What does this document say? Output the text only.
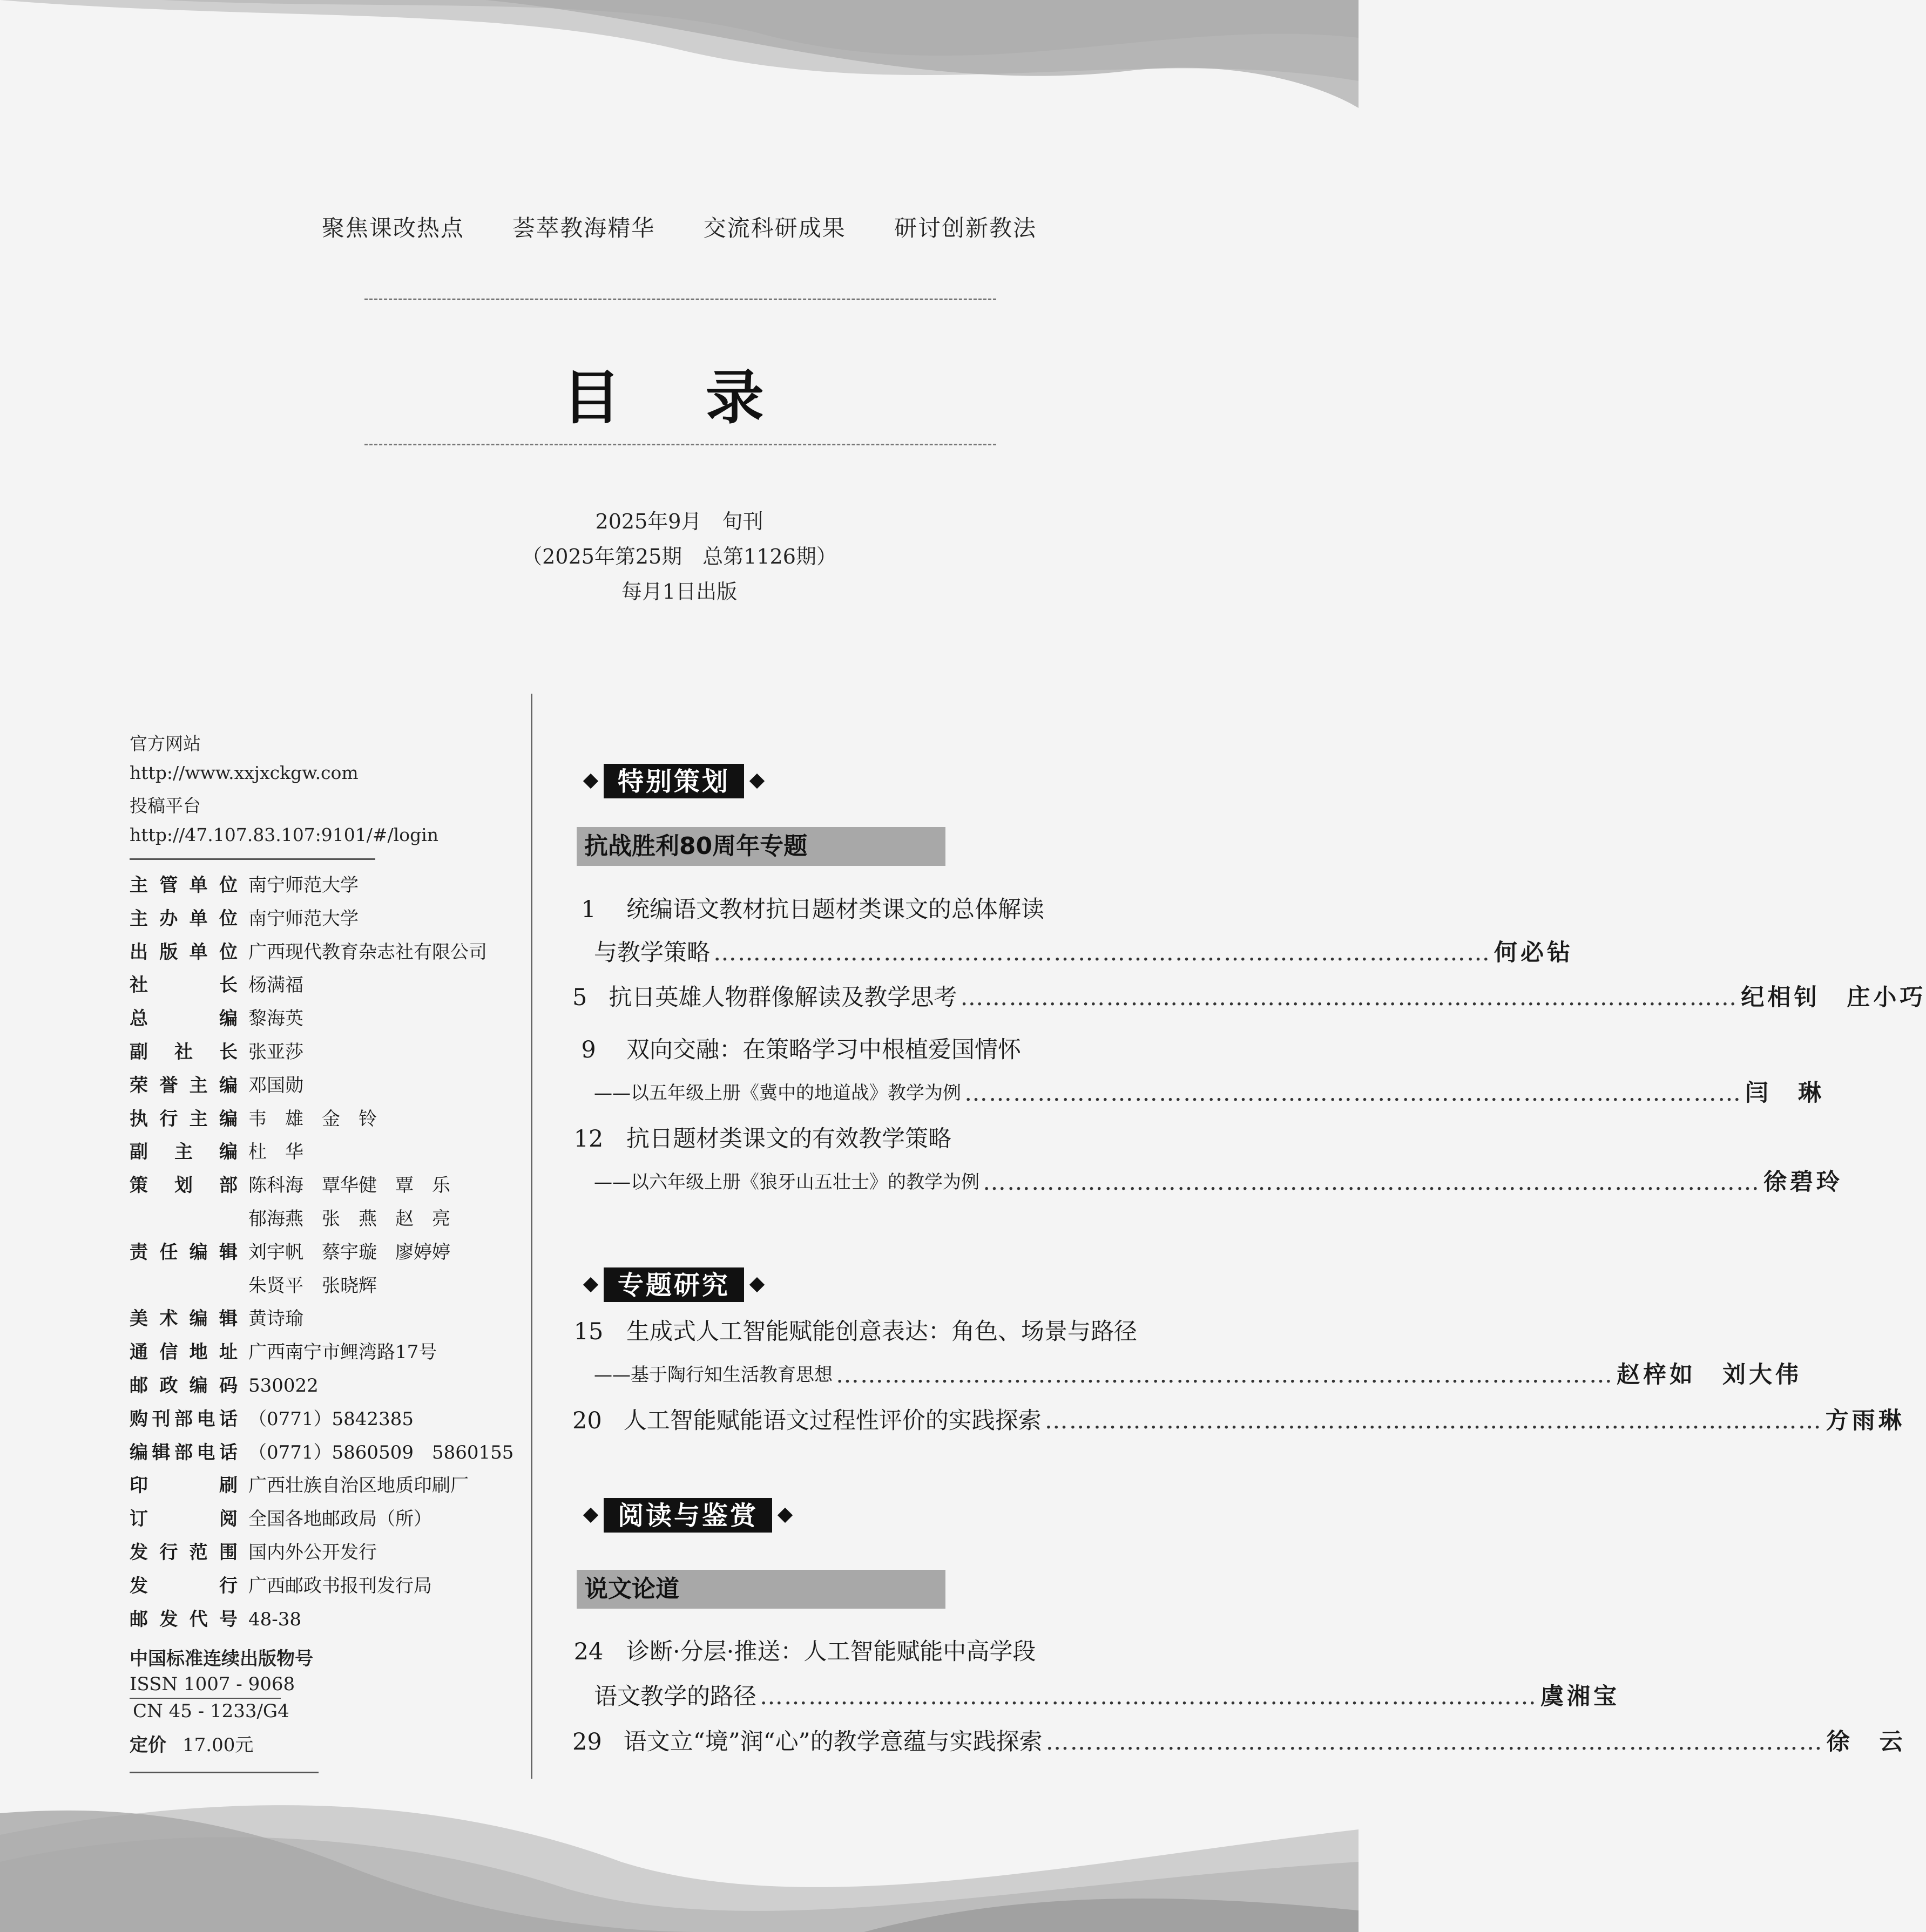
聚焦课改热点 荟萃教海精华 交流科研成果 研讨创新教法
目 录
2025年9月　旬刊
（2025年第25期　总第1126期）
每月1日出版
官方网站
http://www.xxjxckgw.com
投稿平台
http://47.107.83.107:9101/#/login
主管单位 南宁师范大学
主办单位 南宁师范大学
出版单位 广西现代教育杂志社有限公司
社长 杨满福
总编 黎海英
副社长 张亚莎
荣誉主编 邓国勋
执行主编 韦　雄　金　铃
副主编 杜　华
策划部 陈科海　覃华健　覃　乐
郁海燕　张　燕　赵　亮
责任编辑 刘宇帆　蔡宇璇　廖婷婷
朱贤平　张晓辉
美术编辑 黄诗瑜
通信地址 广西南宁市鲤湾路17号
邮政编码 530022
购刊部电话 （0771）5842385
编辑部电话 （0771）5860509　5860155
印刷 广西壮族自治区地质印刷厂
订阅 全国各地邮政局（所）
发行范围 国内外公开发行
发行 广西邮政书报刊发行局
邮发代号 48-38
中国标准连续出版物号
ISSN 1007 - 9068
CN 45 - 1233/G4
定价 17.00元
特别策划
抗战胜利80周年专题
1	统编语文教材抗日题材类课文的总体解读
与教学策略 …………………………………………………………………………………… 何必钻
5 抗日英雄人物群像解读及教学思考 …………………………………………………………………………………… 纪相钊　庄小巧
9	双向交融：在策略学习中根植爱国情怀
——以五年级上册《冀中的地道战》教学为例 …………………………………………………………………………………… 闫　琳
12 抗日题材类课文的有效教学策略
——以六年级上册《狼牙山五壮士》的教学为例 …………………………………………………………………………………… 徐碧玲
专题研究
15 生成式人工智能赋能创意表达：角色、场景与路径
——基于陶行知生活教育思想 …………………………………………………………………………………… 赵梓如　刘大伟
20 人工智能赋能语文过程性评价的实践探索 …………………………………………………………………………………… 方雨琳
阅读与鉴赏
说文论道
24 诊断·分层·推送：人工智能赋能中高学段
语文教学的路径 …………………………………………………………………………………… 虞湘宝
29 语文立“境”润“心”的教学意蕴与实践探索 …………………………………………………………………………………… 徐　云
